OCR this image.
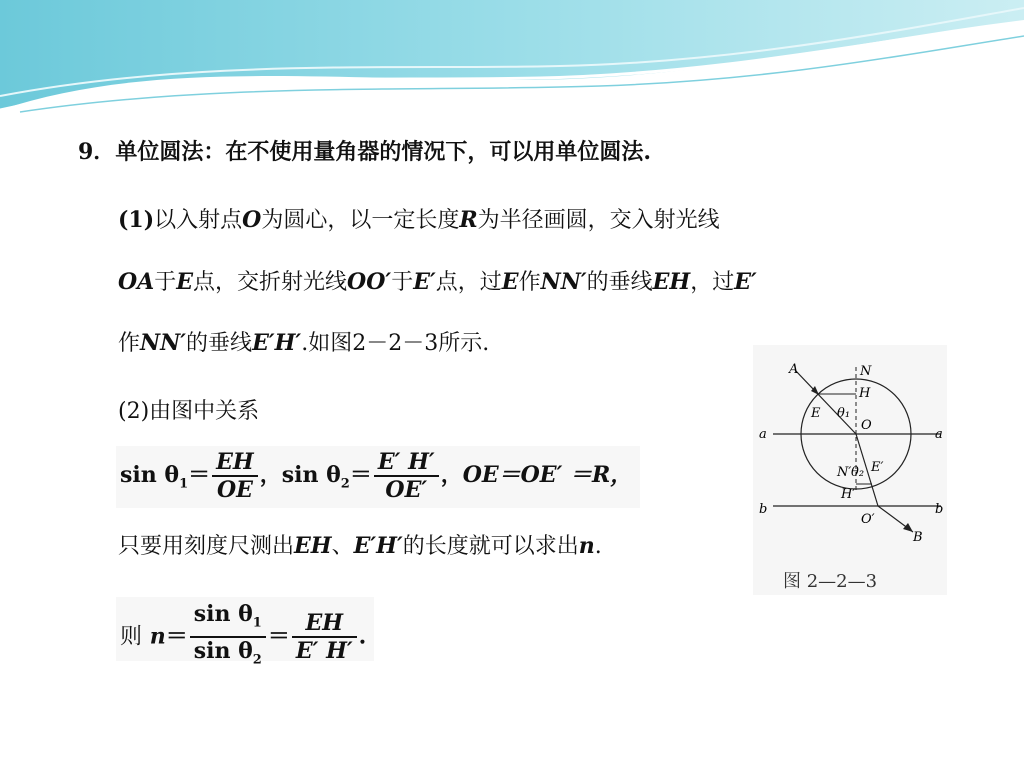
9．单位圆法：在不使用量角器的情况下，可以用单位圆法.
(1)以入射点O为圆心，以一定长度R为半径画圆，交入射光线
OA于E点，交折射光线OO′于E′点，过E作NN′的垂线EH，过E′
作NN′的垂线E′H′.如图2－2－3所示.
(2)由图中关系
$\sin \theta_1= \frac{EH}{OE}$ ，$\sin \theta_2= \frac{E' H'}{OE'}$ ，OE＝OE′ ＝R，
只要用刻度尺测出EH、E′H′的长度就可以求出n.
则 $n= \frac{\sin \theta_1}{\sin \theta_2} = \frac{EH}{E' H'}$ .
A	N
H
E θ₁
O
a	a
N′ θ₂ E′
H′
b	b
O′
B
图 2—2—3
